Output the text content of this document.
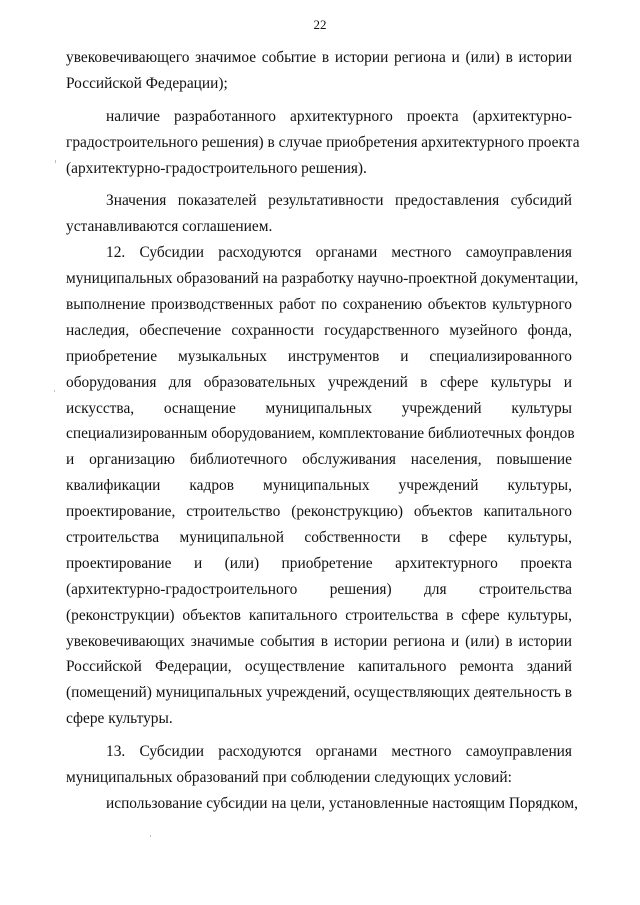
22
увековечивающего значимое событие в истории региона и (или) в истории
Российской Федерации);
наличие разработанного архитектурного проекта (архитектурно-
градостроительного решения) в случае приобретения архитектурного проекта
(архитектурно-градостроительного решения).
Значения показателей результативности предоставления субсидий
устанавливаются соглашением.
12. Субсидии расходуются органами местного самоуправления
муниципальных образований на разработку научно-проектной документации,
выполнение производственных работ по сохранению объектов культурного
наследия, обеспечение сохранности государственного музейного фонда,
приобретение музыкальных инструментов и специализированного
оборудования для образовательных учреждений в сфере культуры и
искусства, оснащение муниципальных учреждений культуры
специализированным оборудованием, комплектование библиотечных фондов
и организацию библиотечного обслуживания населения, повышение
квалификации кадров муниципальных учреждений культуры,
проектирование, строительство (реконструкцию) объектов капитального
строительства муниципальной собственности в сфере культуры,
проектирование и (или) приобретение архитектурного проекта
(архитектурно-градостроительного решения) для строительства
(реконструкции) объектов капитального строительства в сфере культуры,
увековечивающих значимые события в истории региона и (или) в истории
Российской Федерации, осуществление капитального ремонта зданий
(помещений) муниципальных учреждений, осуществляющих деятельность в
сфере культуры.
13. Субсидии расходуются органами местного самоуправления
муниципальных образований при соблюдении следующих условий:
использование субсидии на цели, установленные настоящим Порядком,
